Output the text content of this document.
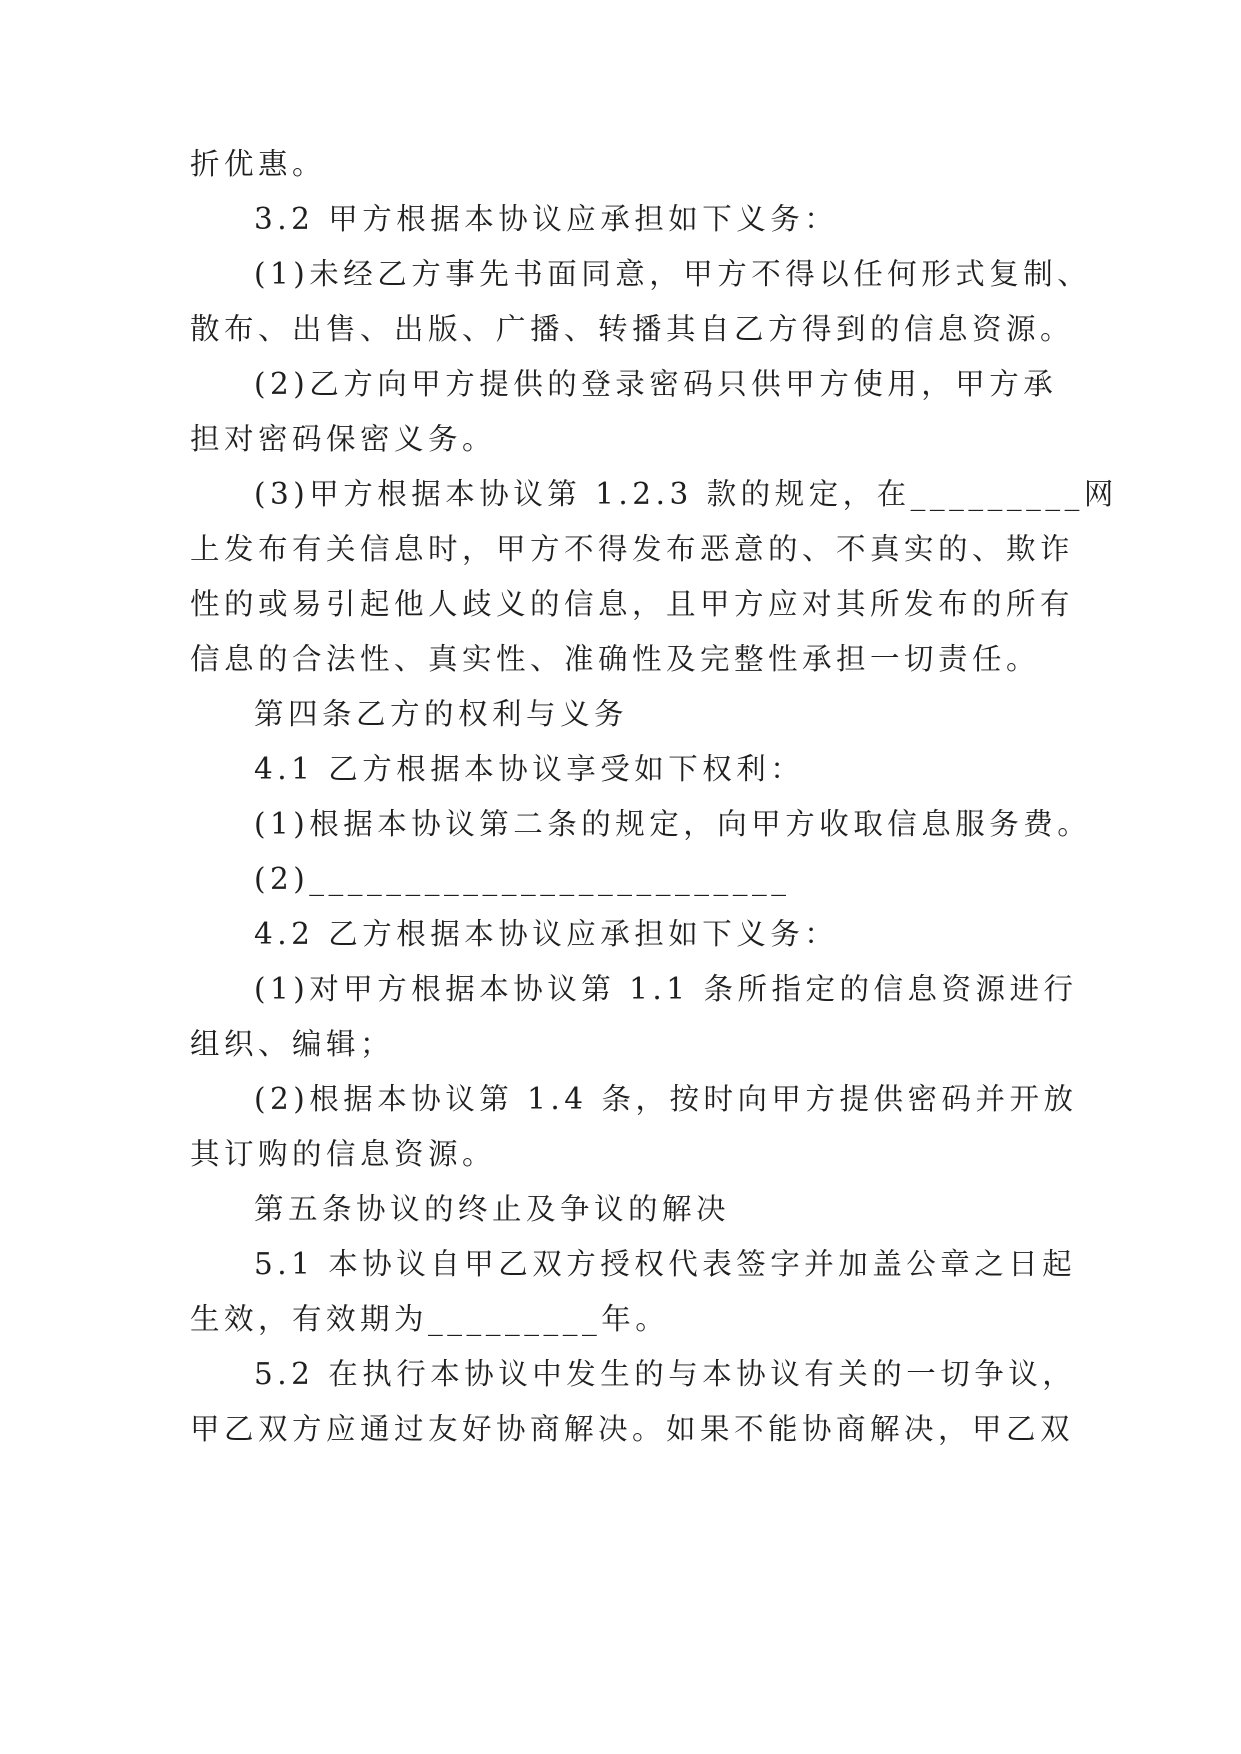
折优惠。
3.2 甲方根据本协议应承担如下义务：
(1)未经乙方事先书面同意，甲方不得以任何形式复制、
散布、出售、出版、广播、转播其自乙方得到的信息资源。
(2)乙方向甲方提供的登录密码只供甲方使用，甲方承
担对密码保密义务。
(3)甲方根据本协议第 1.2.3 款的规定，在_________网
上发布有关信息时，甲方不得发布恶意的、不真实的、欺诈
性的或易引起他人歧义的信息，且甲方应对其所发布的所有
信息的合法性、真实性、准确性及完整性承担一切责任。
第四条乙方的权利与义务
4.1 乙方根据本协议享受如下权利：
(1)根据本协议第二条的规定，向甲方收取信息服务费。
(2)_________________________
4.2 乙方根据本协议应承担如下义务：
(1)对甲方根据本协议第 1.1 条所指定的信息资源进行
组织、编辑；
(2)根据本协议第 1.4 条，按时向甲方提供密码并开放
其订购的信息资源。
第五条协议的终止及争议的解决
5.1 本协议自甲乙双方授权代表签字并加盖公章之日起
生效，有效期为_________年。
5.2 在执行本协议中发生的与本协议有关的一切争议，
甲乙双方应通过友好协商解决。如果不能协商解决，甲乙双
